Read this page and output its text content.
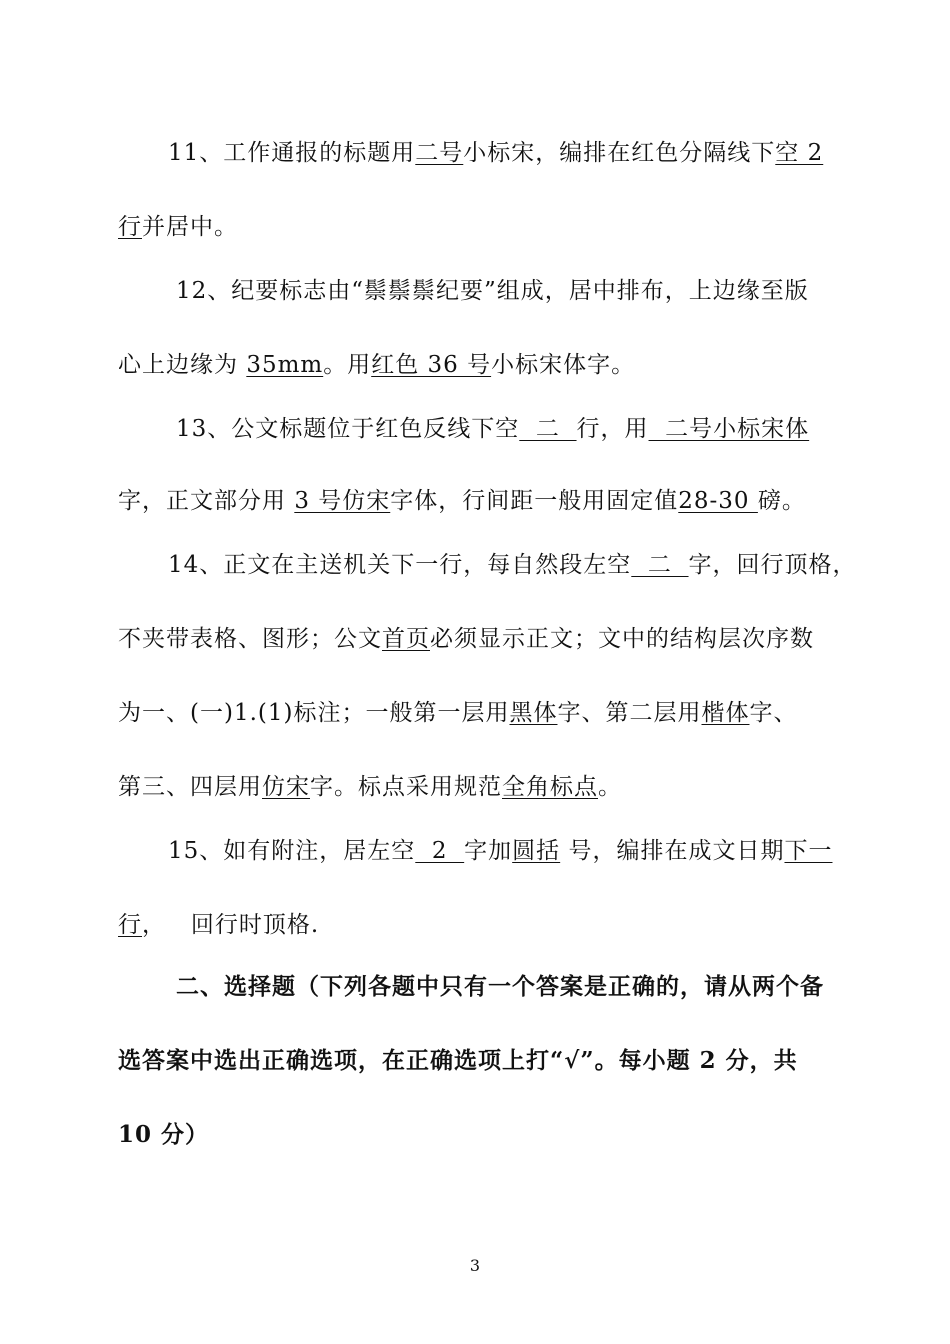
11、工作通报的标题用二号小标宋，编排在红色分隔线下空 2
行并居中。
12、纪要标志由“鬃鬃鬃纪要”组成，居中排布，上边缘至版
心上边缘为 35mm。用红色 36 号小标宋体字。
13、公文标题位于红色反线下空  二  行，用  二号小标宋体
字，正文部分用 3 号仿宋字体，行间距一般用固定值28-30 磅。
14、正文在主送机关下一行，每自然段左空  二  字，回行顶格，
不夹带表格、图形；公文首页必须显示正文；文中的结构层次序数
为一、(一)1.(1)标注；一般第一层用黑体字、第二层用楷体字、
第三、四层用仿宋字。标点采用规范全角标点。
15、如有附注，居左空  2  字加圆括 号，编排在成文日期下一
行，   回行时顶格.
二、选择题（下列各题中只有一个答案是正确的，请从两个备
选答案中选出正确选项，在正确选项上打“√”。每小题 2 分，共
10 分）
3
